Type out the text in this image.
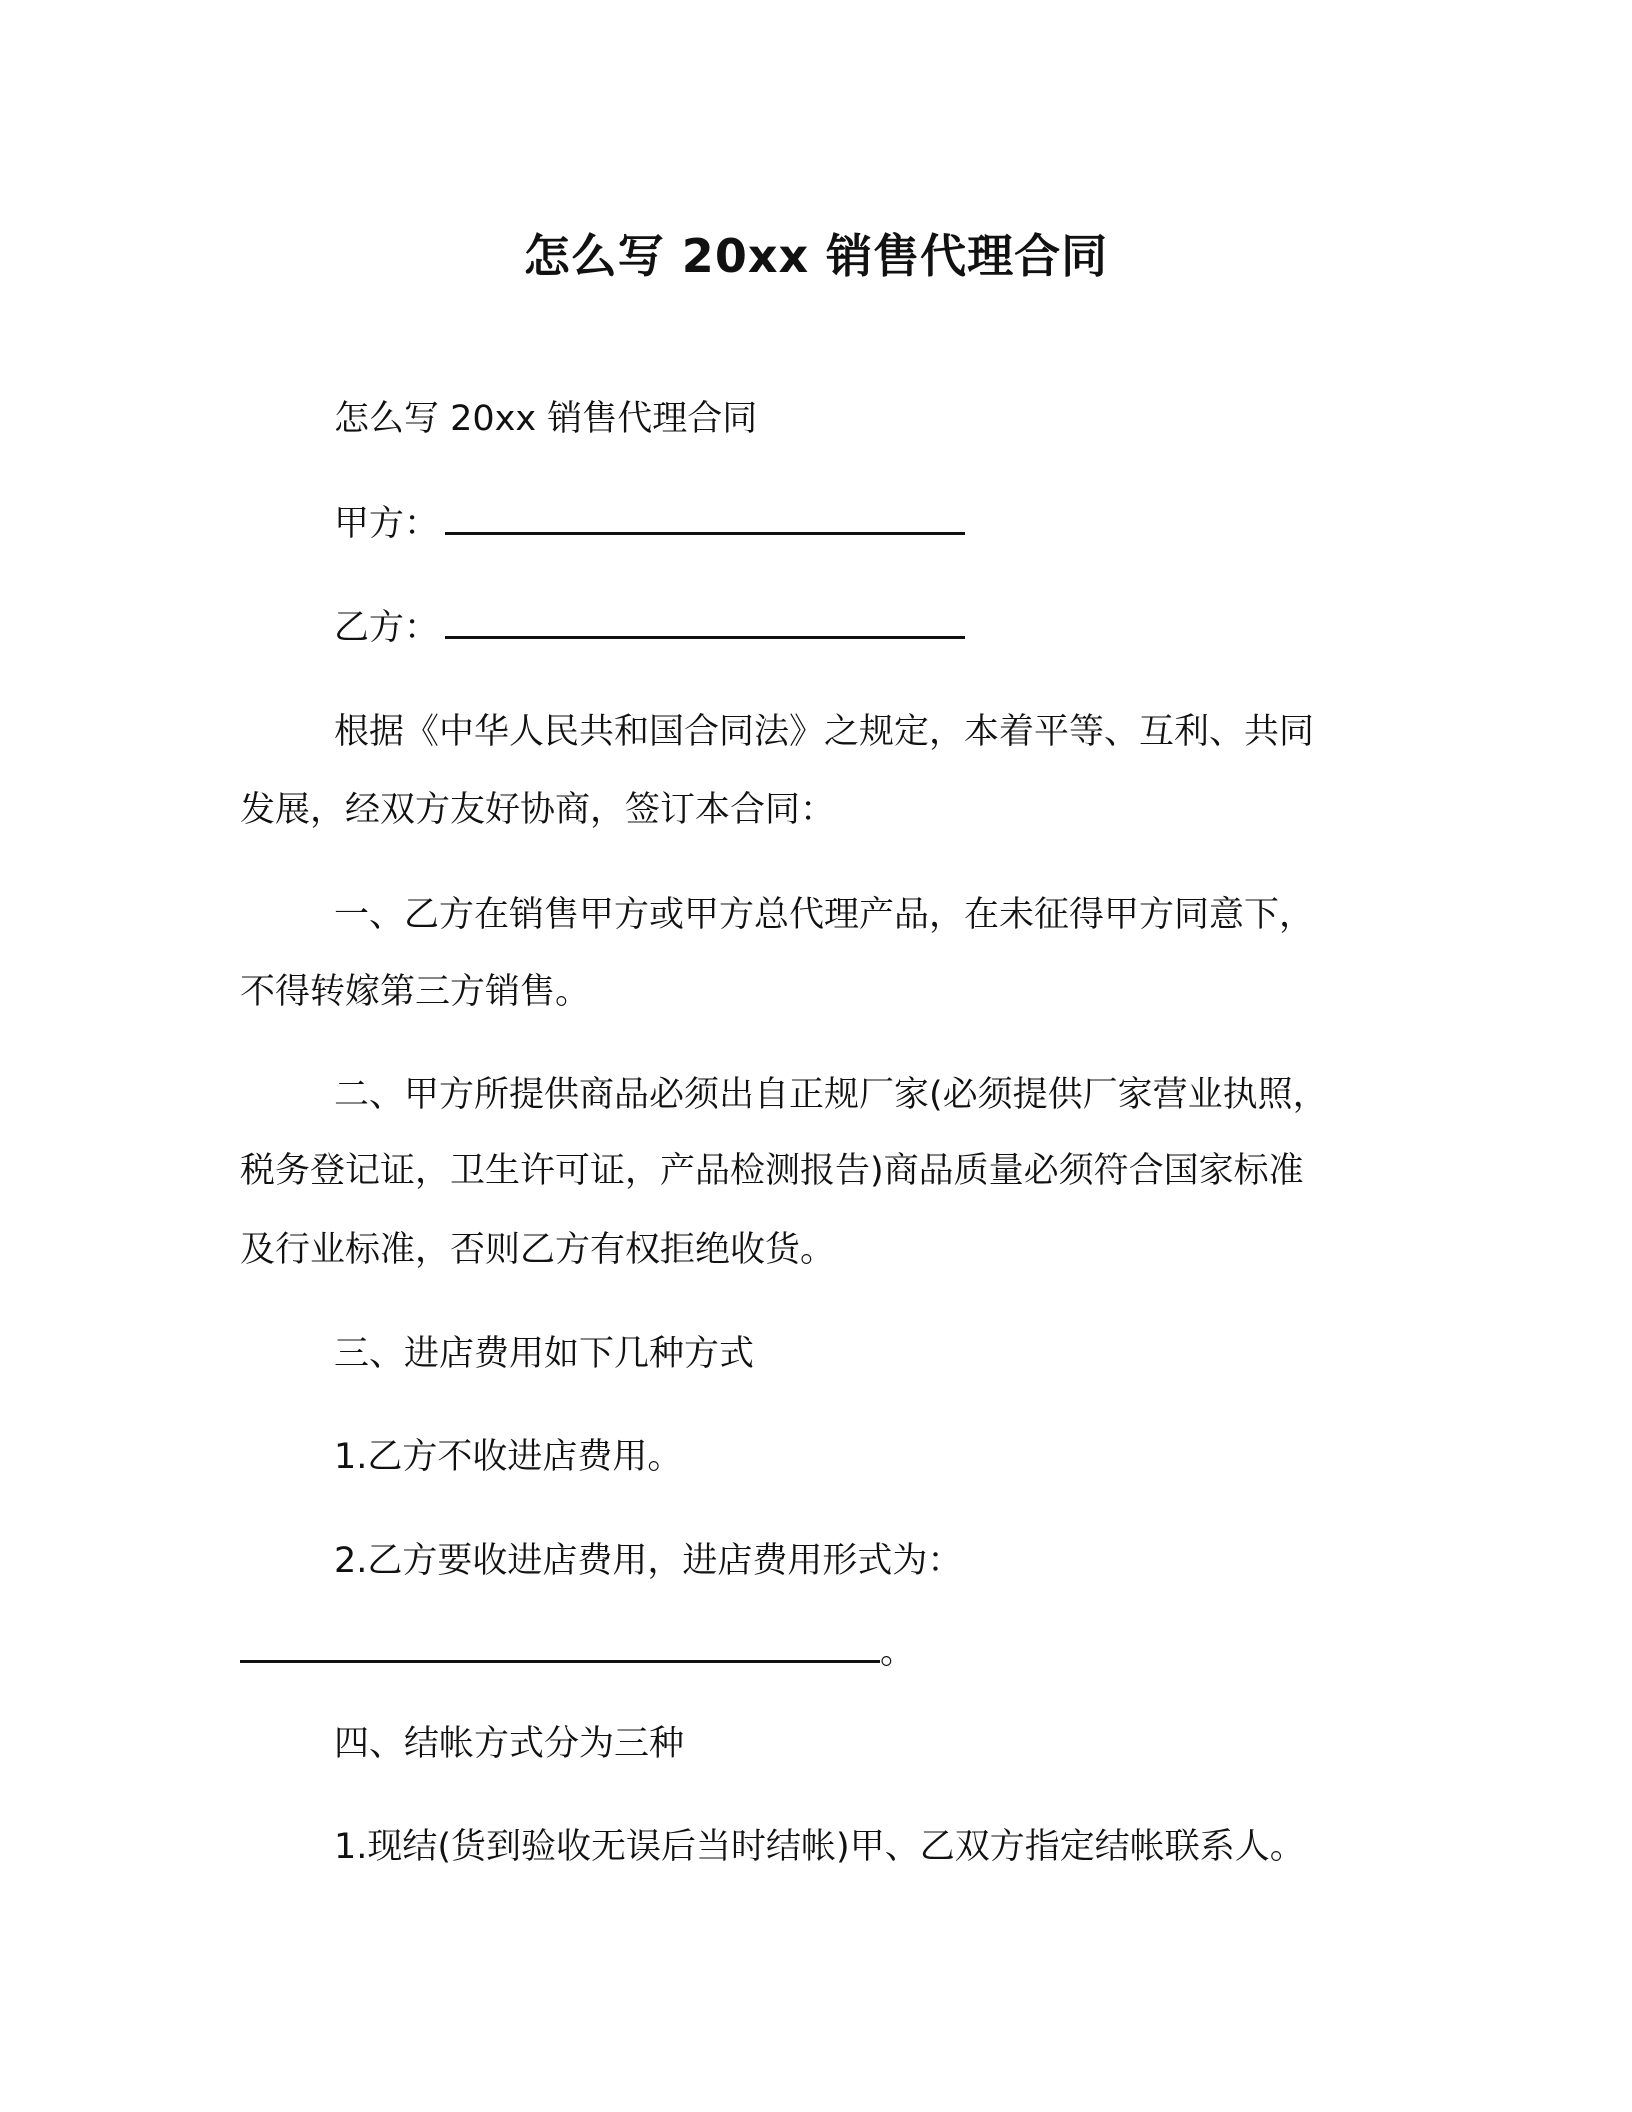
怎么写 20xx 销售代理合同
怎么写 20xx 销售代理合同
甲方：
乙方：
根据《中华人民共和国合同法》之规定，本着平等、互利、共同
发展，经双方友好协商，签订本合同：
一、乙方在销售甲方或甲方总代理产品，在未征得甲方同意下，
不得转嫁第三方销售。
二、甲方所提供商品必须出自正规厂家(必须提供厂家营业执照，
税务登记证，卫生许可证，产品检测报告)商品质量必须符合国家标准
及行业标准，否则乙方有权拒绝收货。
三、进店费用如下几种方式
1.乙方不收进店费用。
2.乙方要收进店费用，进店费用形式为：
。
四、结帐方式分为三种
1.现结(货到验收无误后当时结帐)甲、乙双方指定结帐联系人。
